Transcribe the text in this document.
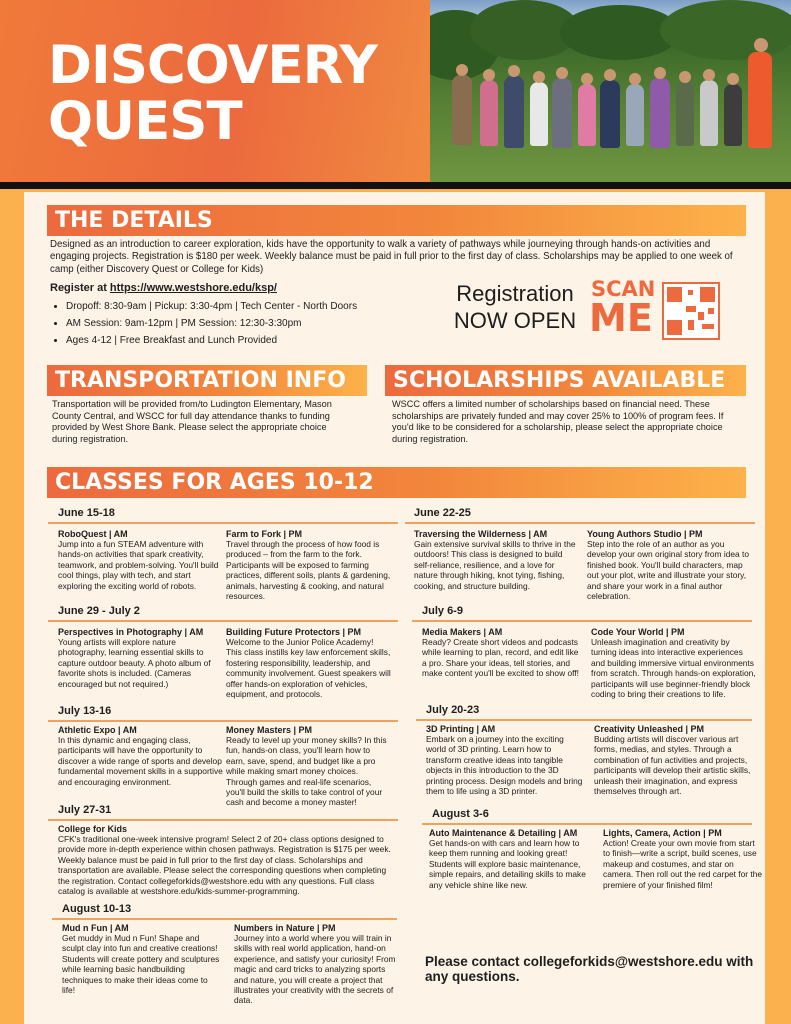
DISCOVERY
QUEST
THE DETAILS
Designed as an introduction to career exploration, kids have the opportunity to walk a variety of pathways while journeying through hands-on activities and engaging projects. Registration is $180 per week. Weekly balance must be paid in full prior to the first day of class. Scholarships may be applied to one week of camp (either Discovery Quest or College for Kids)
Register at https://www.westshore.edu/ksp/
• Dropoff: 8:30-9am | Pickup: 3:30-4pm | Tech Center - North Doors
• AM Session: 9am-12pm | PM Session: 12:30-3:30pm
• Ages 4-12 | Free Breakfast and Lunch Provided
Registration
NOW OPEN
SCAN
ME
TRANSPORTATION INFO
Transportation will be provided from/to Ludington Elementary, Mason County Central, and WSCC for full day attendance thanks to funding provided by West Shore Bank. Please select the appropriate choice during registration.
SCHOLARSHIPS AVAILABLE
WSCC offers a limited number of scholarships based on financial need. These scholarships are privately funded and may cover 25% to 100% of program fees. If you'd like to be considered for a scholarship, please select the appropriate choice during registration.
CLASSES FOR AGES 10-12
June 15-18
RoboQuest | AM
Jump into a fun STEAM adventure with hands-on activities that spark creativity, teamwork, and problem-solving. You'll build cool things, play with tech, and start exploring the exciting world of robots.
Farm to Fork | PM
Travel through the process of how food is produced – from the farm to the fork. Participants will be exposed to farming practices, different soils, plants & gardening, animals, harvesting & cooking, and natural resources.
June 22-25
Traversing the Wilderness | AM
Gain extensive survival skills to thrive in the outdoors! This class is designed to build self-reliance, resilience, and a love for nature through hiking, knot tying, fishing, cooking, and structure building.
Young Authors Studio | PM
Step into the role of an author as you develop your own original story from idea to finished book. You'll build characters, map out your plot, write and illustrate your story, and share your work in a final author celebration.
June 29 - July 2
Perspectives in Photography | AM
Young artists will explore nature photography, learning essential skills to capture outdoor beauty. A photo album of favorite shots is included. (Cameras encouraged but not required.)
Building Future Protectors | PM
Welcome to the Junior Police Academy! This class instills key law enforcement skills, fostering responsibility, leadership, and community involvement. Guest speakers will offer hands-on exploration of vehicles, equipment, and protocols.
July 6-9
Media Makers | AM
Ready? Create short videos and podcasts while learning to plan, record, and edit like a pro. Share your ideas, tell stories, and make content you'll be excited to show off!
Code Your World | PM
Unleash imagination and creativity by turning ideas into interactive experiences and building immersive virtual environments from scratch. Through hands-on exploration, participants will use beginner-friendly block coding to bring their creations to life.
July 13-16
Athletic Expo | AM
In this dynamic and engaging class, participants will have the opportunity to discover a wide range of sports and develop fundamental movement skills in a supportive and encouraging environment.
Money Masters | PM
Ready to level up your money skills? In this fun, hands-on class, you'll learn how to earn, save, spend, and budget like a pro while making smart money choices. Through games and real-life scenarios, you'll build the skills to take control of your cash and become a money master!
July 20-23
3D Printing | AM
Embark on a journey into the exciting world of 3D printing. Learn how to transform creative ideas into tangible objects in this introduction to the 3D printing process. Design models and bring them to life using a 3D printer.
Creativity Unleashed | PM
Budding artists will discover various art forms, medias, and styles. Through a combination of fun activities and projects, participants will develop their artistic skills, unleash their imagination, and express themselves through art.
July 27-31
College for Kids
CFK's traditional one-week intensive program! Select 2 of 20+ class options designed to provide more in-depth experience within chosen pathways. Registration is $175 per week. Weekly balance must be paid in full prior to the first day of class. Scholarships and transportation are available. Please select the corresponding questions when completing the registration. Contact collegeforkids@westshore.edu with any questions. Full class catalog is available at westshore.edu/kids-summer-programming.
August 3-6
Auto Maintenance & Detailing | AM
Get hands-on with cars and learn how to keep them running and looking great! Students will explore basic maintenance, simple repairs, and detailing skills to make any vehicle shine like new.
Lights, Camera, Action | PM
Action! Create your own movie from start to finish—write a script, build scenes, use makeup and costumes, and star on camera. Then roll out the red carpet for the premiere of your finished film!
August 10-13
Mud n Fun | AM
Get muddy in Mud n Fun! Shape and sculpt clay into fun and creative creations! Students will create pottery and sculptures while learning basic handbuilding techniques to make their ideas come to life!
Numbers in Nature | PM
Journey into a world where you will train in skills with real world application, hand-on experience, and satisfy your curiosity! From magic and card tricks to analyzing sports and nature, you will create a project that illustrates your creativity with the secrets of data.
Please contact collegeforkids@westshore.edu with any questions.
